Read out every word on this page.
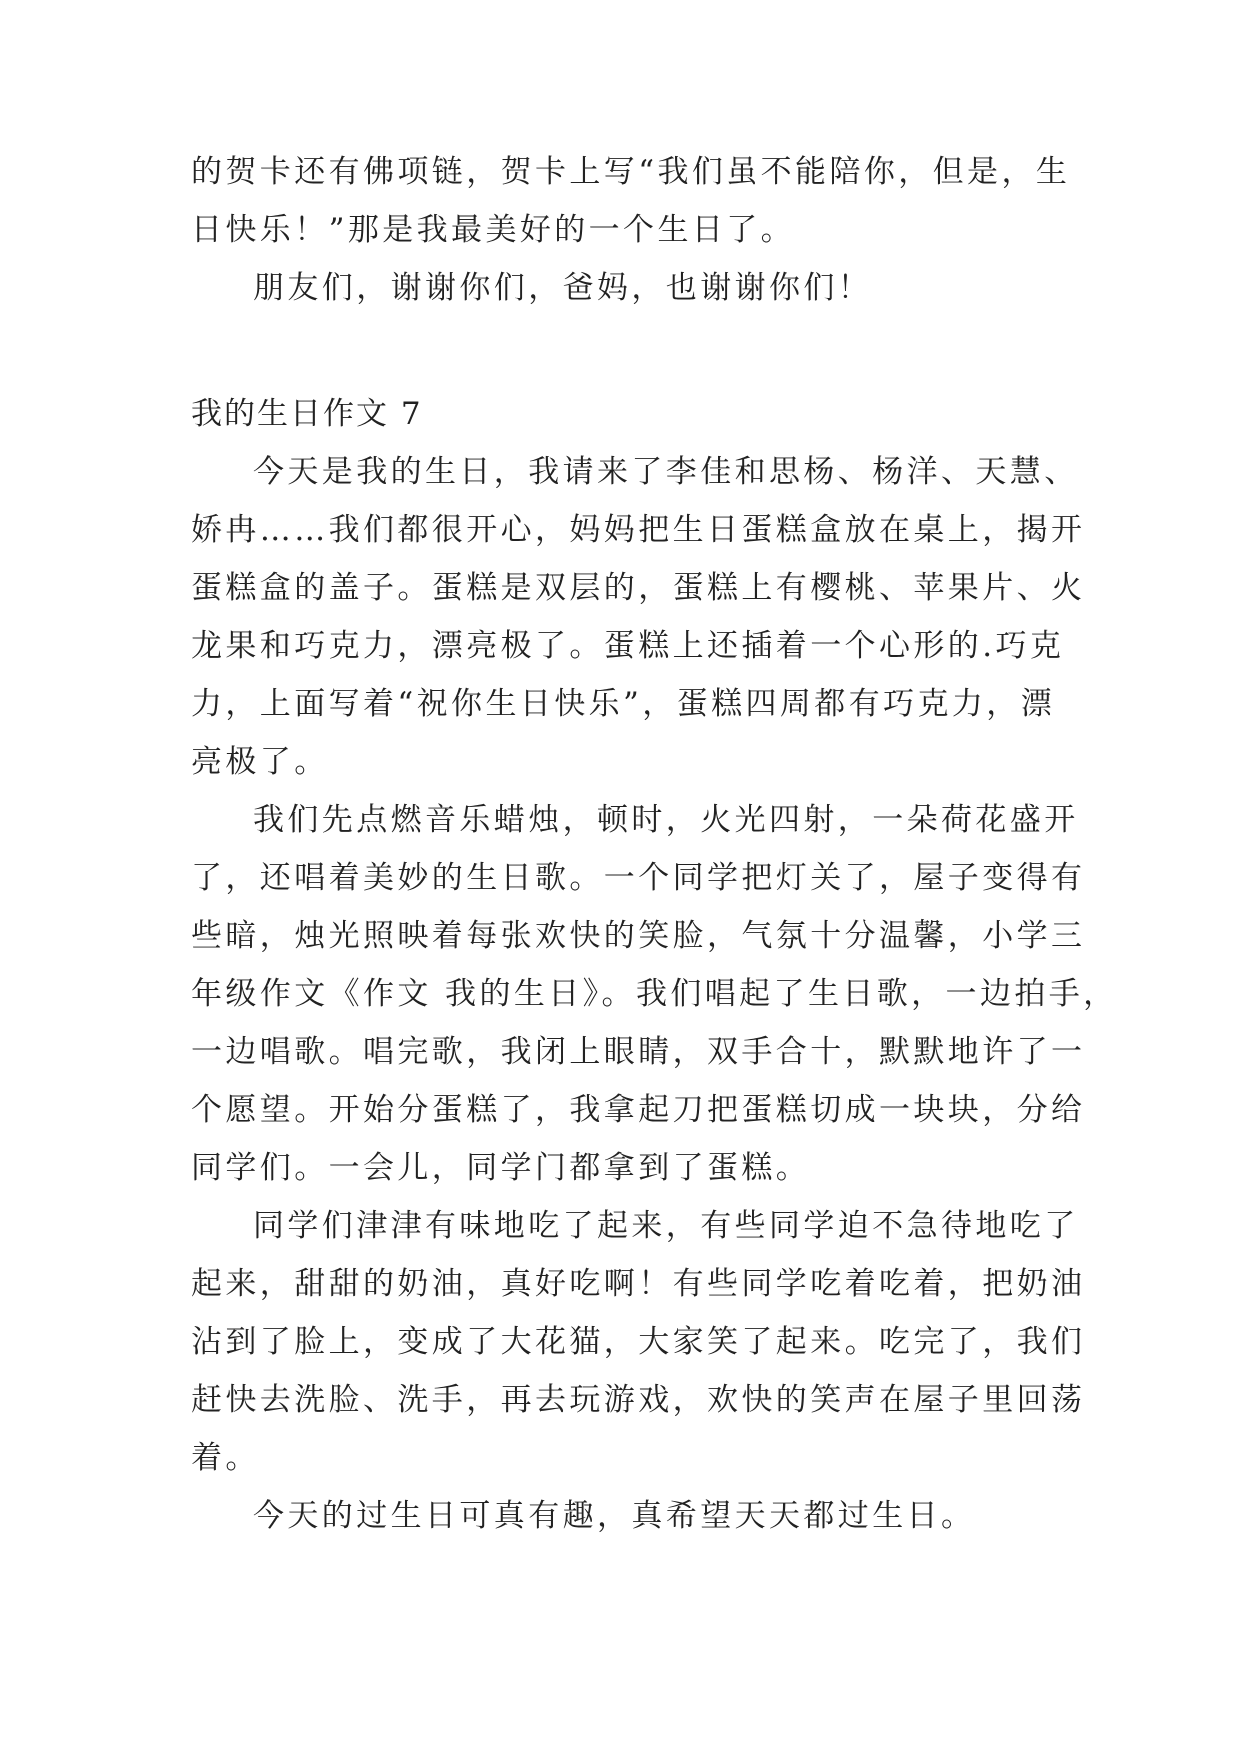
的贺卡还有佛项链，贺卡上写“我们虽不能陪你，但是，生
日快乐！”那是我最美好的一个生日了。
朋友们，谢谢你们，爸妈，也谢谢你们！
我的生日作文 7
今天是我的生日，我请来了李佳和思杨、杨洋、天慧、
娇冉……我们都很开心，妈妈把生日蛋糕盒放在桌上，揭开
蛋糕盒的盖子。蛋糕是双层的，蛋糕上有樱桃、苹果片、火
龙果和巧克力，漂亮极了。蛋糕上还插着一个心形的.巧克
力，上面写着“祝你生日快乐”，蛋糕四周都有巧克力，漂
亮极了。
我们先点燃音乐蜡烛，顿时，火光四射，一朵荷花盛开
了，还唱着美妙的生日歌。一个同学把灯关了，屋子变得有
些暗，烛光照映着每张欢快的笑脸，气氛十分温馨，小学三
年级作文《作文 我的生日》。我们唱起了生日歌，一边拍手，
一边唱歌。唱完歌，我闭上眼睛，双手合十，默默地许了一
个愿望。开始分蛋糕了，我拿起刀把蛋糕切成一块块，分给
同学们。一会儿，同学门都拿到了蛋糕。
同学们津津有味地吃了起来，有些同学迫不急待地吃了
起来，甜甜的奶油，真好吃啊！有些同学吃着吃着，把奶油
沾到了脸上，变成了大花猫，大家笑了起来。吃完了，我们
赶快去洗脸、洗手，再去玩游戏，欢快的笑声在屋子里回荡
着。
今天的过生日可真有趣，真希望天天都过生日。
